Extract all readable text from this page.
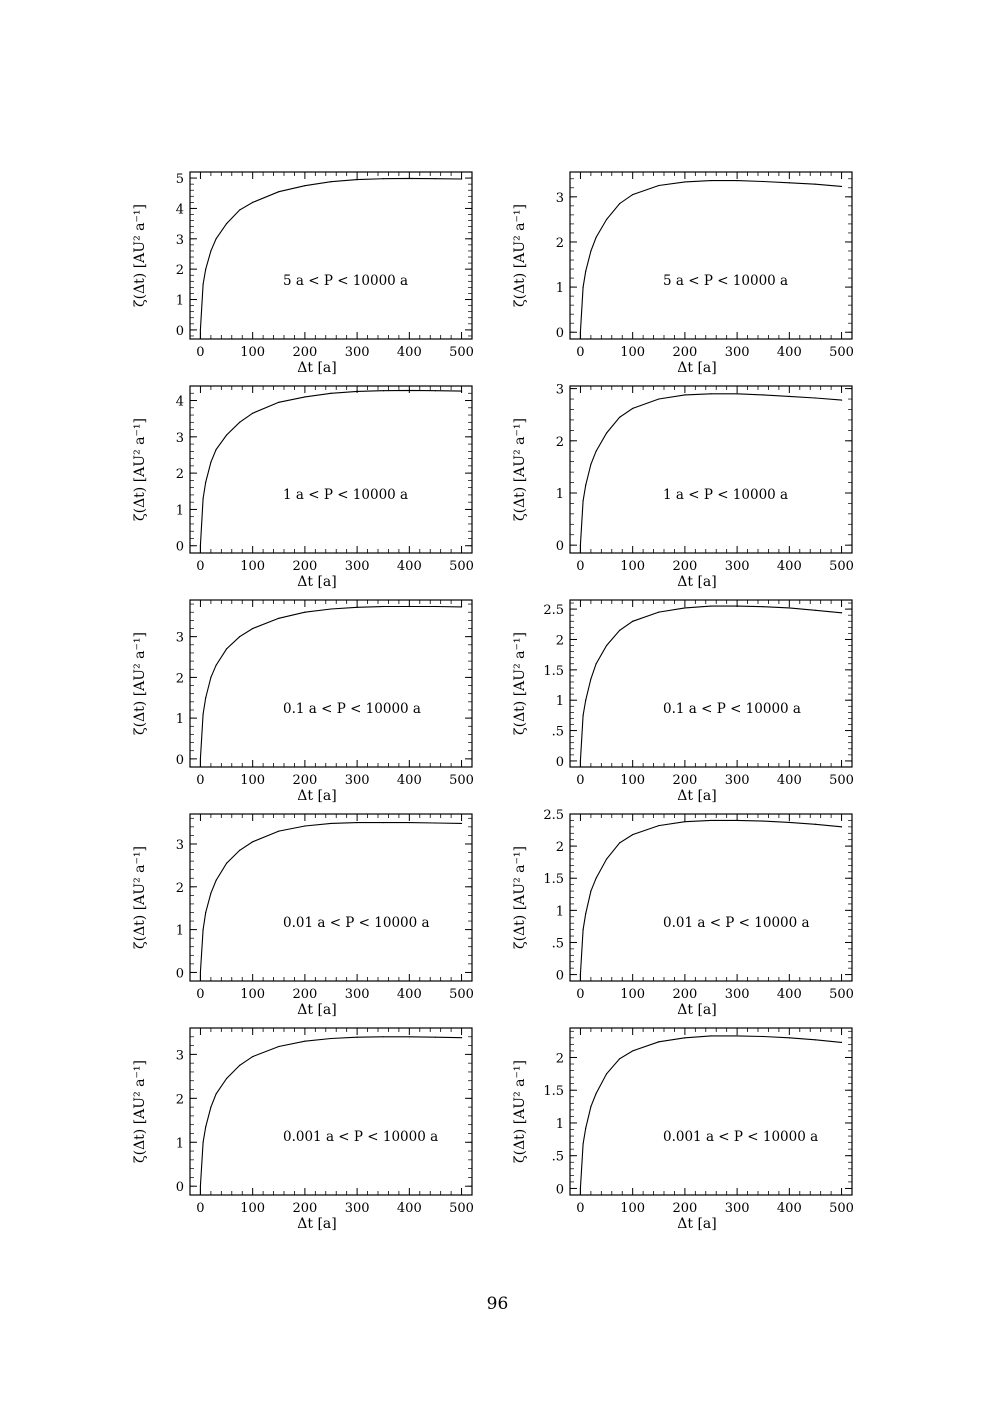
0	100 200 300 400 500
0
1
2
3
4
5
5 a < P < 10000 a
Δt [a]
ζ(Δt) [AU² a⁻¹]
0	100 200 300 400 500
0
1
2
3
5 a < P < 10000 a
Δt [a]
ζ(Δt) [AU² a⁻¹]
0	100 200 300 400 500
0
1
2
3
4
1 a < P < 10000 a
Δt [a]
ζ(Δt) [AU² a⁻¹]
0	100 200 300 400 500
0
1
2
3
1 a < P < 10000 a
Δt [a]
ζ(Δt) [AU² a⁻¹]
0	100 200 300 400 500
0
1
2
3
0.1 a < P < 10000 a
Δt [a]
ζ(Δt) [AU² a⁻¹]
0	100 200 300 400 500
0
.5
1
1.5
2
2.5
0.1 a < P < 10000 a
Δt [a]
ζ(Δt) [AU² a⁻¹]
0	100 200 300 400 500
0
1
2
3
0.01 a < P < 10000 a
Δt [a]
ζ(Δt) [AU² a⁻¹]
0	100 200 300 400 500
0
.5
1
1.5
2
2.5
0.01 a < P < 10000 a
Δt [a]
ζ(Δt) [AU² a⁻¹]
0	100 200 300 400 500
0
1
2
3
0.001 a < P < 10000 a
Δt [a]
ζ(Δt) [AU² a⁻¹]
0	100 200 300 400 500
0
.5
1
1.5
2
0.001 a < P < 10000 a
Δt [a]
ζ(Δt) [AU² a⁻¹]
96
